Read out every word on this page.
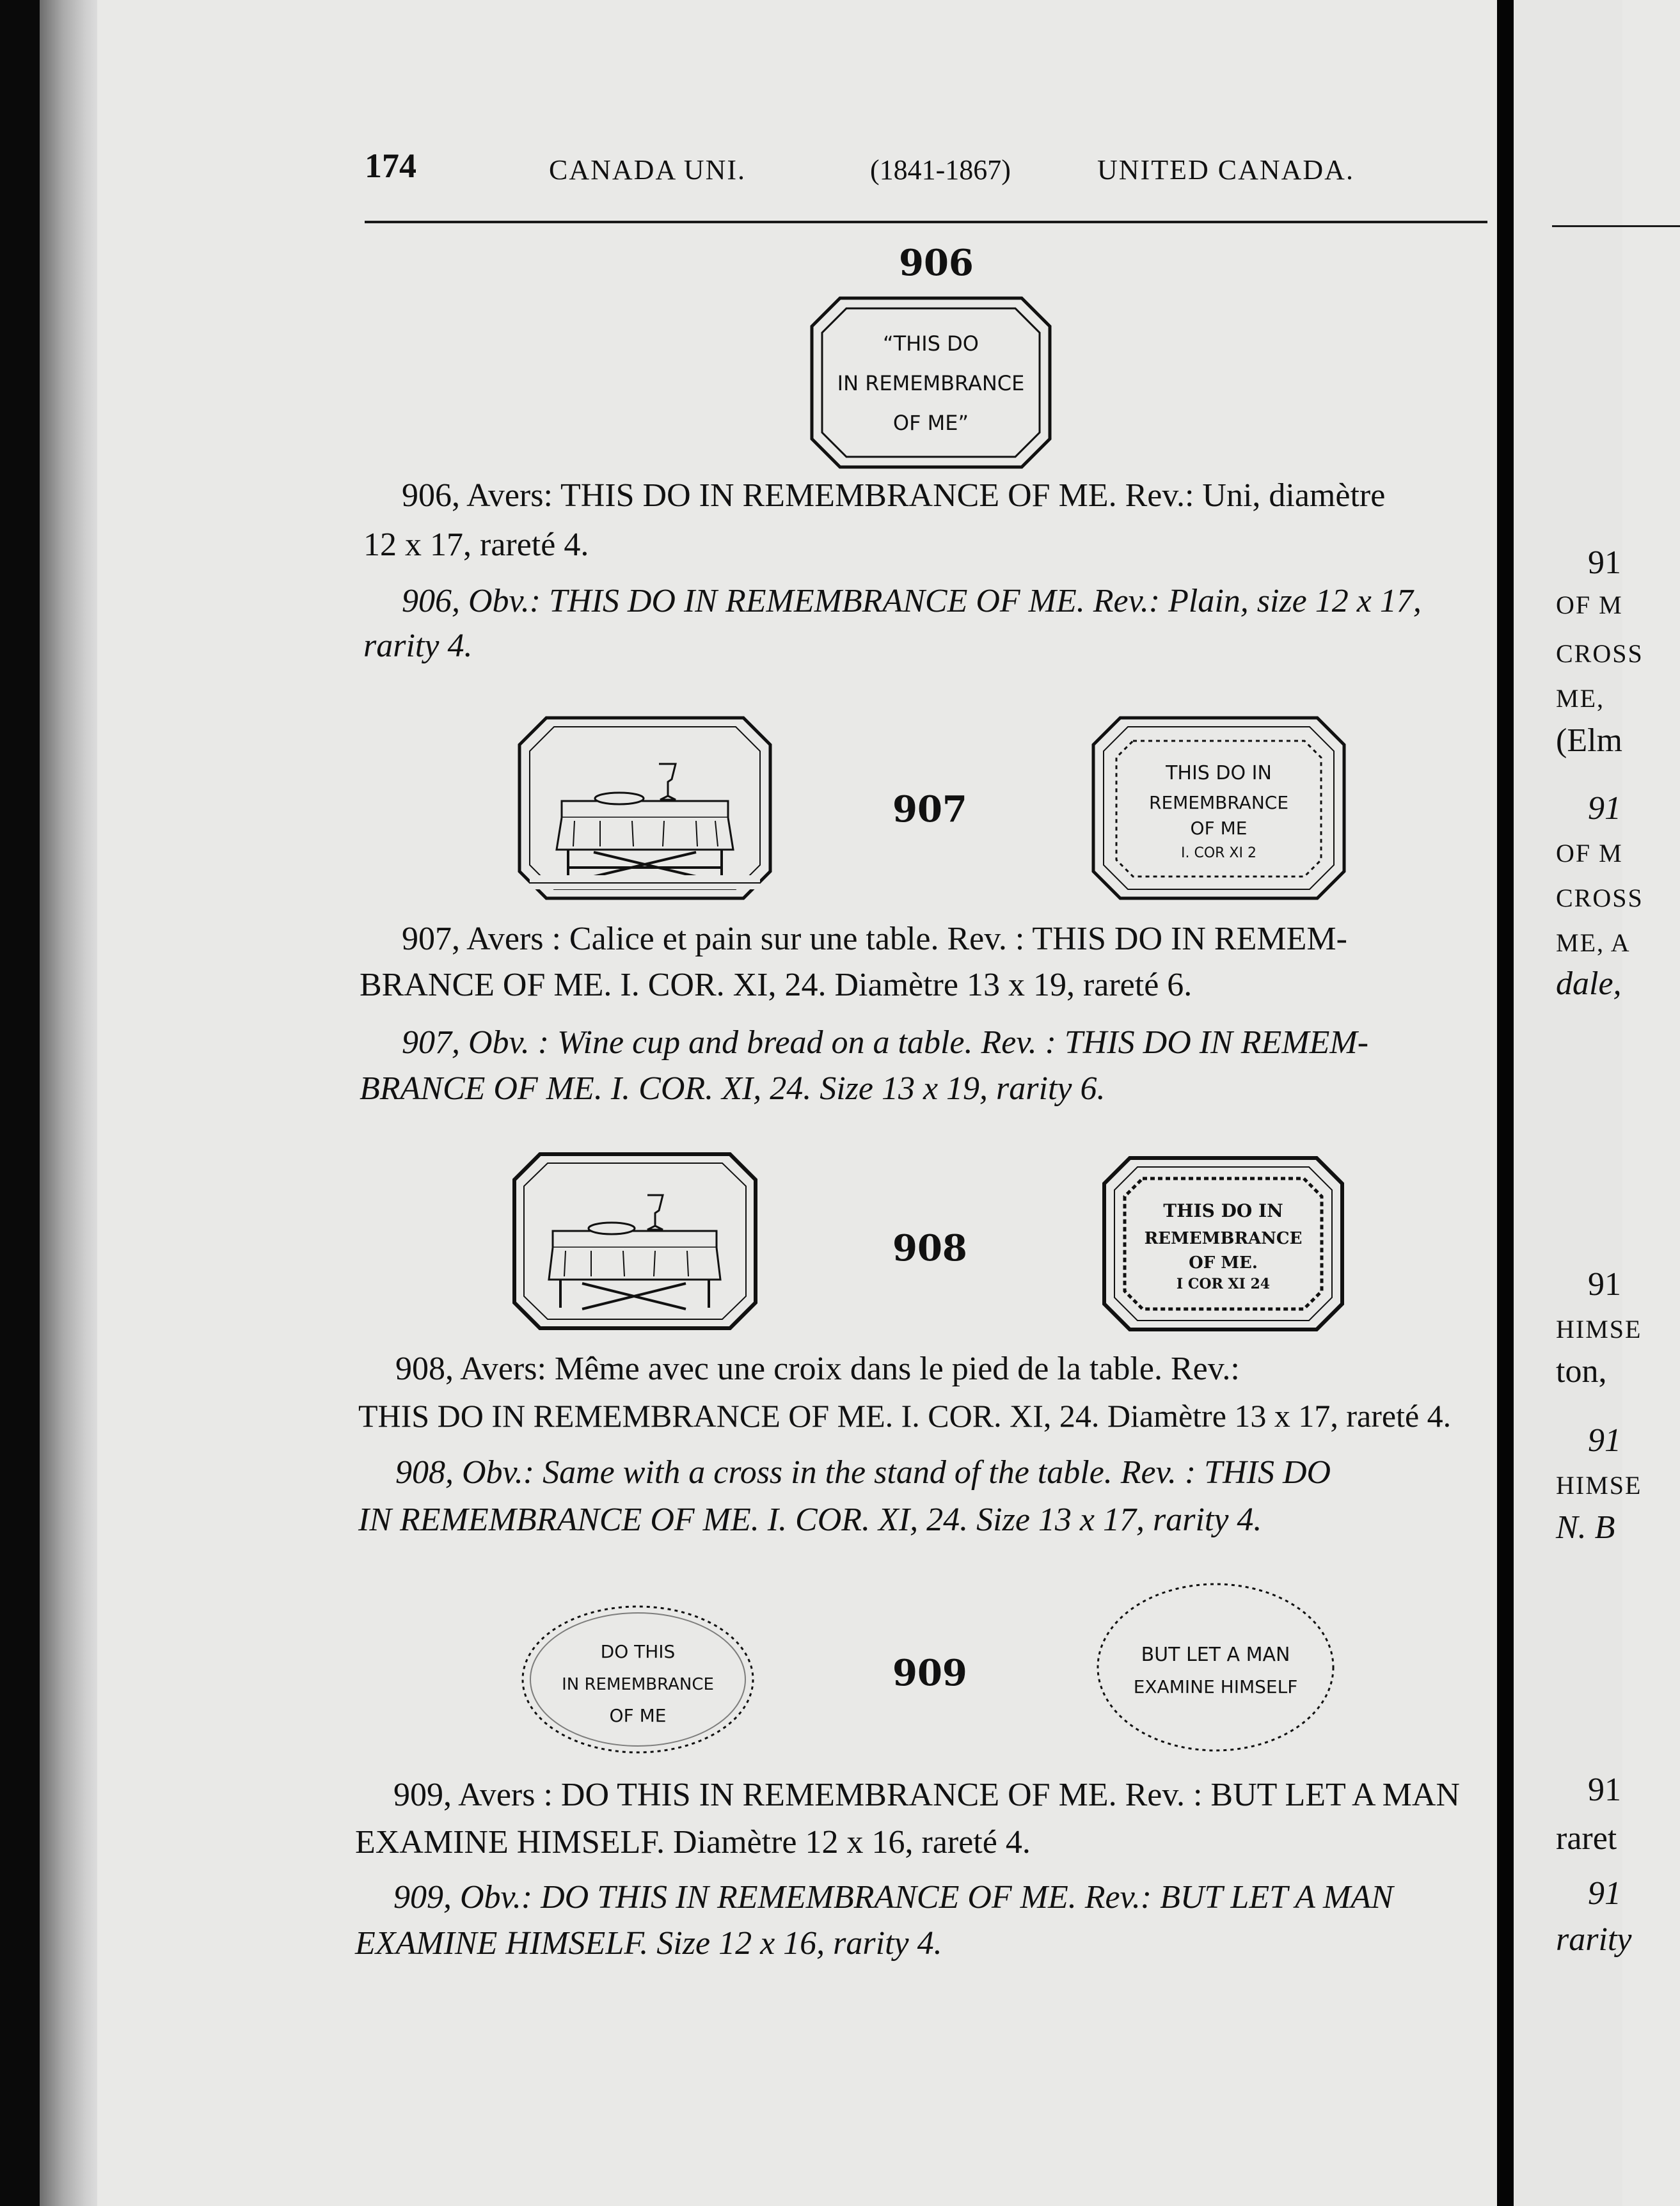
174	CANADA UNI.	(1841-1867)	UNITED CANADA.
906
“THIS DO
IN REMEMBRANCE
OF ME”
906, Avers: THIS DO IN REMEMBRANCE OF ME. Rev.: Uni, diamètre
12 x 17, rareté 4.
906, Obv.: THIS DO IN REMEMBRANCE OF ME. Rev.: Plain, size 12 x 17,
rarity 4.
907
THIS DO IN
REMEMBRANCE
OF ME
I. COR XI 2
907, Avers : Calice et pain sur une table. Rev. : THIS DO IN REMEM-
BRANCE OF ME. I. COR. XI, 24. Diamètre 13 x 19, rareté 6.
907, Obv. : Wine cup and bread on a table. Rev. : THIS DO IN REMEM-
BRANCE OF ME. I. COR. XI, 24. Size 13 x 19, rarity 6.
908
THIS DO IN
REMEMBRANCE
OF ME.
I COR XI 24
908, Avers: Même avec une croix dans le pied de la table. Rev.:
THIS DO IN REMEMBRANCE OF ME. I. COR. XI, 24. Diamètre 13 x 17, rareté 4.
908, Obv.: Same with a cross in the stand of the table. Rev. : THIS DO
IN REMEMBRANCE OF ME. I. COR. XI, 24. Size 13 x 17, rarity 4.
DO THIS
IN REMEMBRANCE
OF ME
909	BUT LET A MAN
EXAMINE HIMSELF
909, Avers : DO THIS IN REMEMBRANCE OF ME. Rev. : BUT LET A MAN
EXAMINE HIMSELF. Diamètre 12 x 16, rareté 4.
909, Obv.: DO THIS IN REMEMBRANCE OF ME. Rev.: BUT LET A MAN
EXAMINE HIMSELF. Size 12 x 16, rarity 4.
91
OF M
CROSS
ME,
(Elm
91
OF M
CROSS
ME, A
dale,
91
HIMSE
ton,
91
HIMSE
N. B
91
raret
91
rarity
